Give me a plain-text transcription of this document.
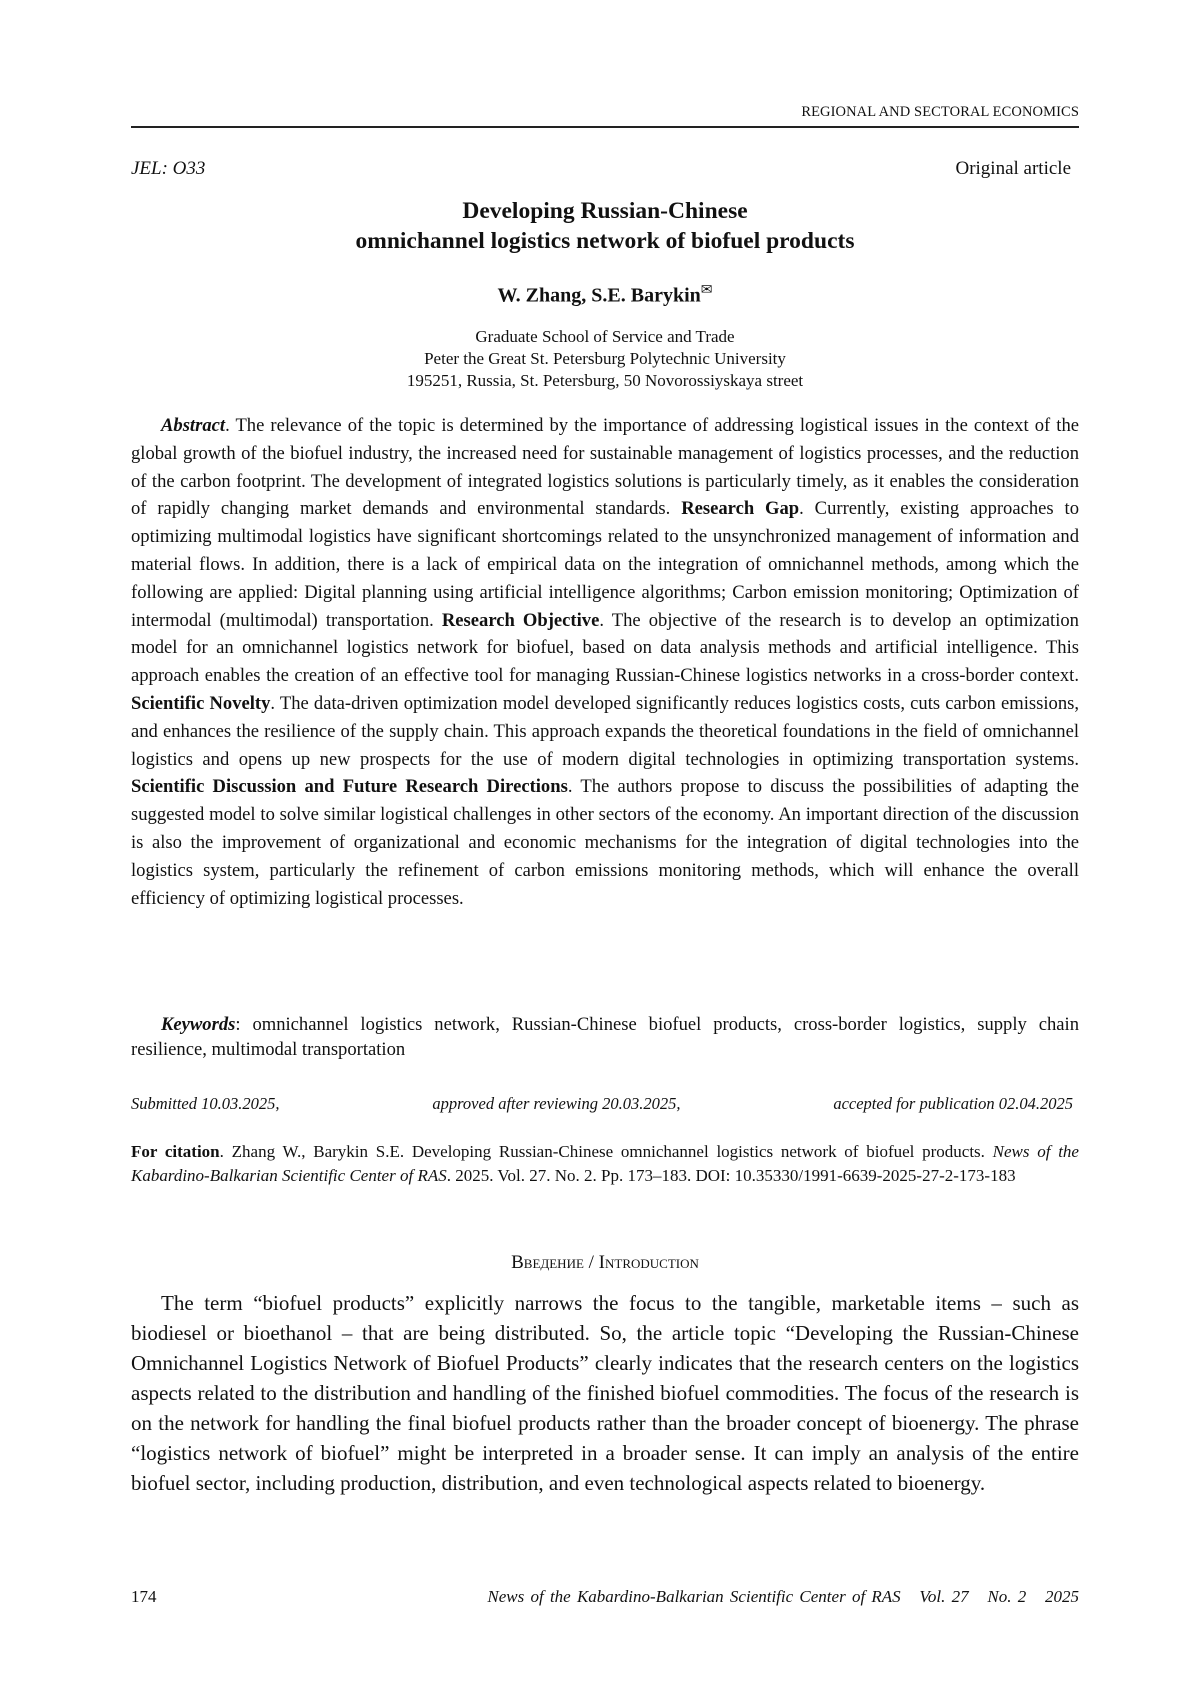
REGIONAL AND SECTORAL ECONOMICS
JEL: O33	Original article
Developing Russian-Chinese
omnichannel logistics network of biofuel products
W. Zhang, S.E. Barykin✉
Graduate School of Service and Trade
Peter the Great St. Petersburg Polytechnic University
195251, Russia, St. Petersburg, 50 Novorossiyskaya street
Abstract. The relevance of the topic is determined by the importance of addressing logistical issues in the context of the global growth of the biofuel industry, the increased need for sustainable management of logistics processes, and the reduction of the carbon footprint. The development of integrated logistics solutions is particularly timely, as it enables the consideration of rapidly changing market demands and environmental standards. Research Gap. Currently, existing approaches to optimizing multimodal logistics have significant shortcomings related to the unsynchronized management of information and material flows. In addition, there is a lack of empirical data on the integration of omnichannel methods, among which the following are applied: Digital planning using artificial intelligence algorithms; Carbon emission monitoring; Optimization of intermodal (multimodal) transportation. Research Objective. The objective of the research is to develop an optimization model for an omnichannel logistics network for biofuel, based on data analysis methods and artificial intelligence. This approach enables the creation of an effective tool for managing Russian-Chinese logistics networks in a cross-border context. Scientific Novelty. The data-driven optimization model developed significantly reduces logistics costs, cuts carbon emissions, and enhances the resilience of the supply chain. This approach expands the theoretical foundations in the field of omnichannel logistics and opens up new prospects for the use of modern digital technologies in optimizing transportation systems. Scientific Discussion and Future Research Directions. The authors propose to discuss the possibilities of adapting the suggested model to solve similar logistical challenges in other sectors of the economy. An important direction of the discussion is also the improvement of organizational and economic mechanisms for the integration of digital technologies into the logistics system, particularly the refinement of carbon emissions monitoring methods, which will enhance the overall efficiency of optimizing logistical processes.
Keywords: omnichannel logistics network, Russian-Chinese biofuel products, cross-border logistics, supply chain resilience, multimodal transportation
Submitted 10.03.2025,	approved after reviewing 20.03.2025,	accepted for publication 02.04.2025
For citation. Zhang W., Barykin S.E. Developing Russian-Chinese omnichannel logistics network of biofuel products. News of the Kabardino-Balkarian Scientific Center of RAS. 2025. Vol. 27. No. 2. Pp. 173–183. DOI: 10.35330/1991-6639-2025-27-2-173-183
Введение / Introduction
The term “biofuel products” explicitly narrows the focus to the tangible, marketable items – such as biodiesel or bioethanol – that are being distributed. So, the article topic “Developing the Russian-Chinese Omnichannel Logistics Network of Biofuel Products” clearly indicates that the research centers on the logistics aspects related to the distribution and handling of the finished biofuel commodities. The focus of the research is on the network for handling the final biofuel products rather than the broader concept of bioenergy. The phrase “logistics network of biofuel” might be interpreted in a broader sense. It can imply an analysis of the entire biofuel sector, including production, distribution, and even technological aspects related to bioenergy.
174	News of the Kabardino-Balkarian Scientific Center of RAS   Vol. 27   No. 2   2025
